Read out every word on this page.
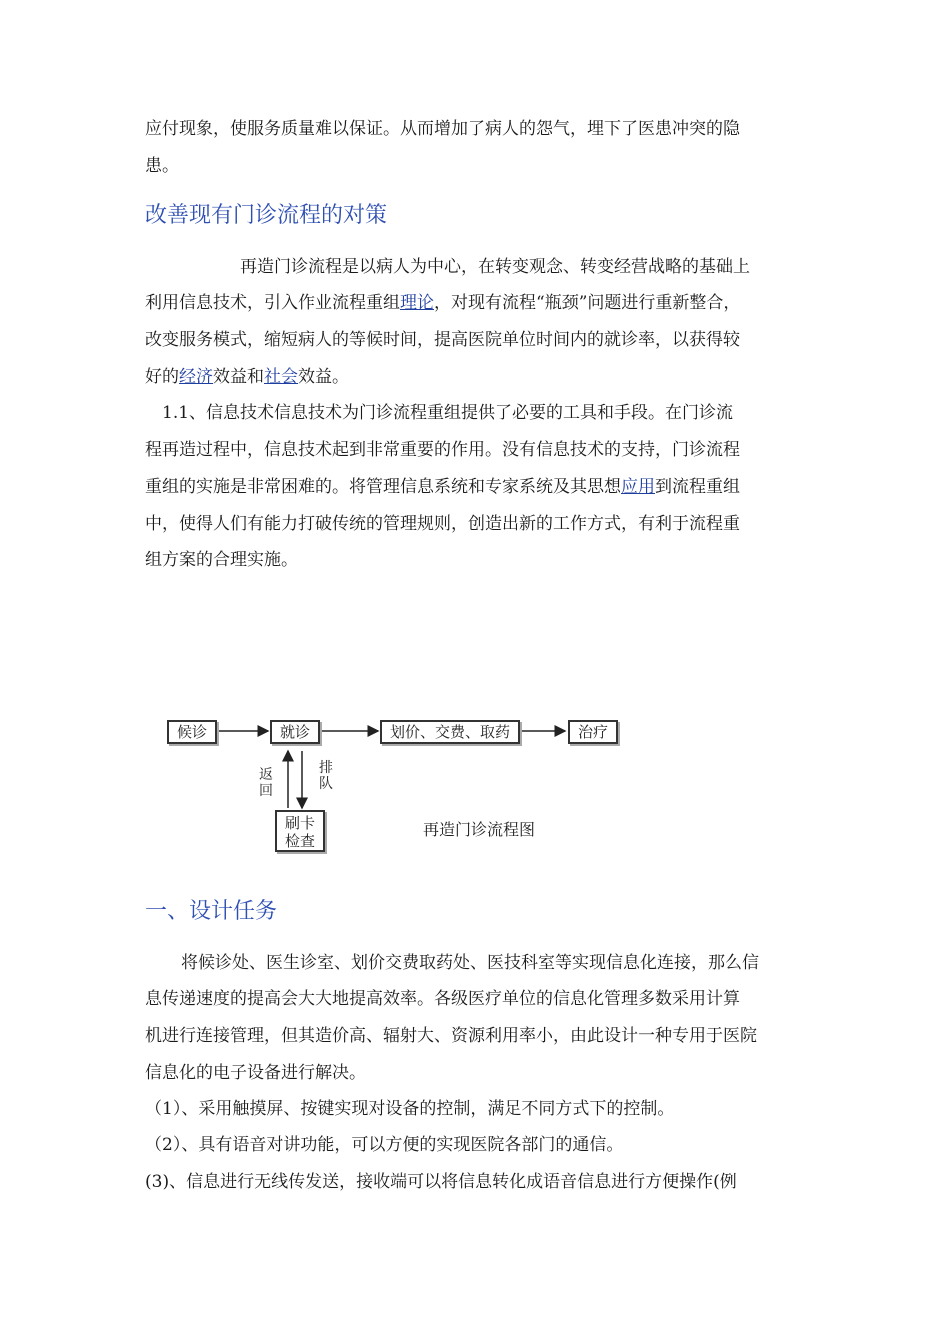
应付现象，使服务质量难以保证。从而增加了病人的怨气，埋下了医患冲突的隐
患。
改善现有门诊流程的对策
再造门诊流程是以病人为中心，在转变观念、转变经营战略的基础上
利用信息技术，引入作业流程重组理论，对现有流程“瓶颈”问题进行重新整合，
改变服务模式，缩短病人的等候时间，提高医院单位时间内的就诊率，以获得较
好的经济效益和社会效益。
1.1、信息技术信息技术为门诊流程重组提供了必要的工具和手段。在门诊流
程再造过程中，信息技术起到非常重要的作用。没有信息技术的支持，门诊流程
重组的实施是非常困难的。将管理信息系统和专家系统及其思想应用到流程重组
中，使得人们有能力打破传统的管理规则，创造出新的工作方式，有利于流程重
组方案的合理实施。
候诊	就诊	划价、交费、取药	治疗
刷卡检查
返回
排队
再造门诊流程图
一、设计任务
将候诊处、医生诊室、划价交费取药处、医技科室等实现信息化连接，那么信
息传递速度的提高会大大地提高效率。各级医疗单位的信息化管理多数采用计算
机进行连接管理，但其造价高、辐射大、资源利用率小，由此设计一种专用于医院
信息化的电子设备进行解决。
（1）、采用触摸屏、按键实现对设备的控制，满足不同方式下的控制。
（2）、具有语音对讲功能，可以方便的实现医院各部门的通信。
(3)、信息进行无线传发送，接收端可以将信息转化成语音信息进行方便操作(例
